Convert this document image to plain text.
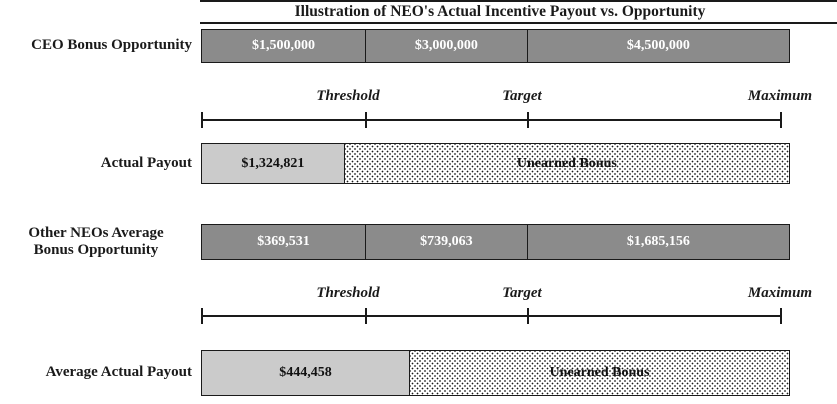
Illustration of NEO's Actual Incentive Payout vs. Opportunity
CEO Bonus Opportunity	$1,500,000	$3,000,000	$4,500,000
Threshold	Target	Maximum
Actual Payout	$1,324,821	Unearned Bonus
Other NEOs Average
Bonus Opportunity
$369,531	$739,063	$1,685,156
Threshold	Target	Maximum
Average Actual Payout	$444,458	Unearned Bonus
